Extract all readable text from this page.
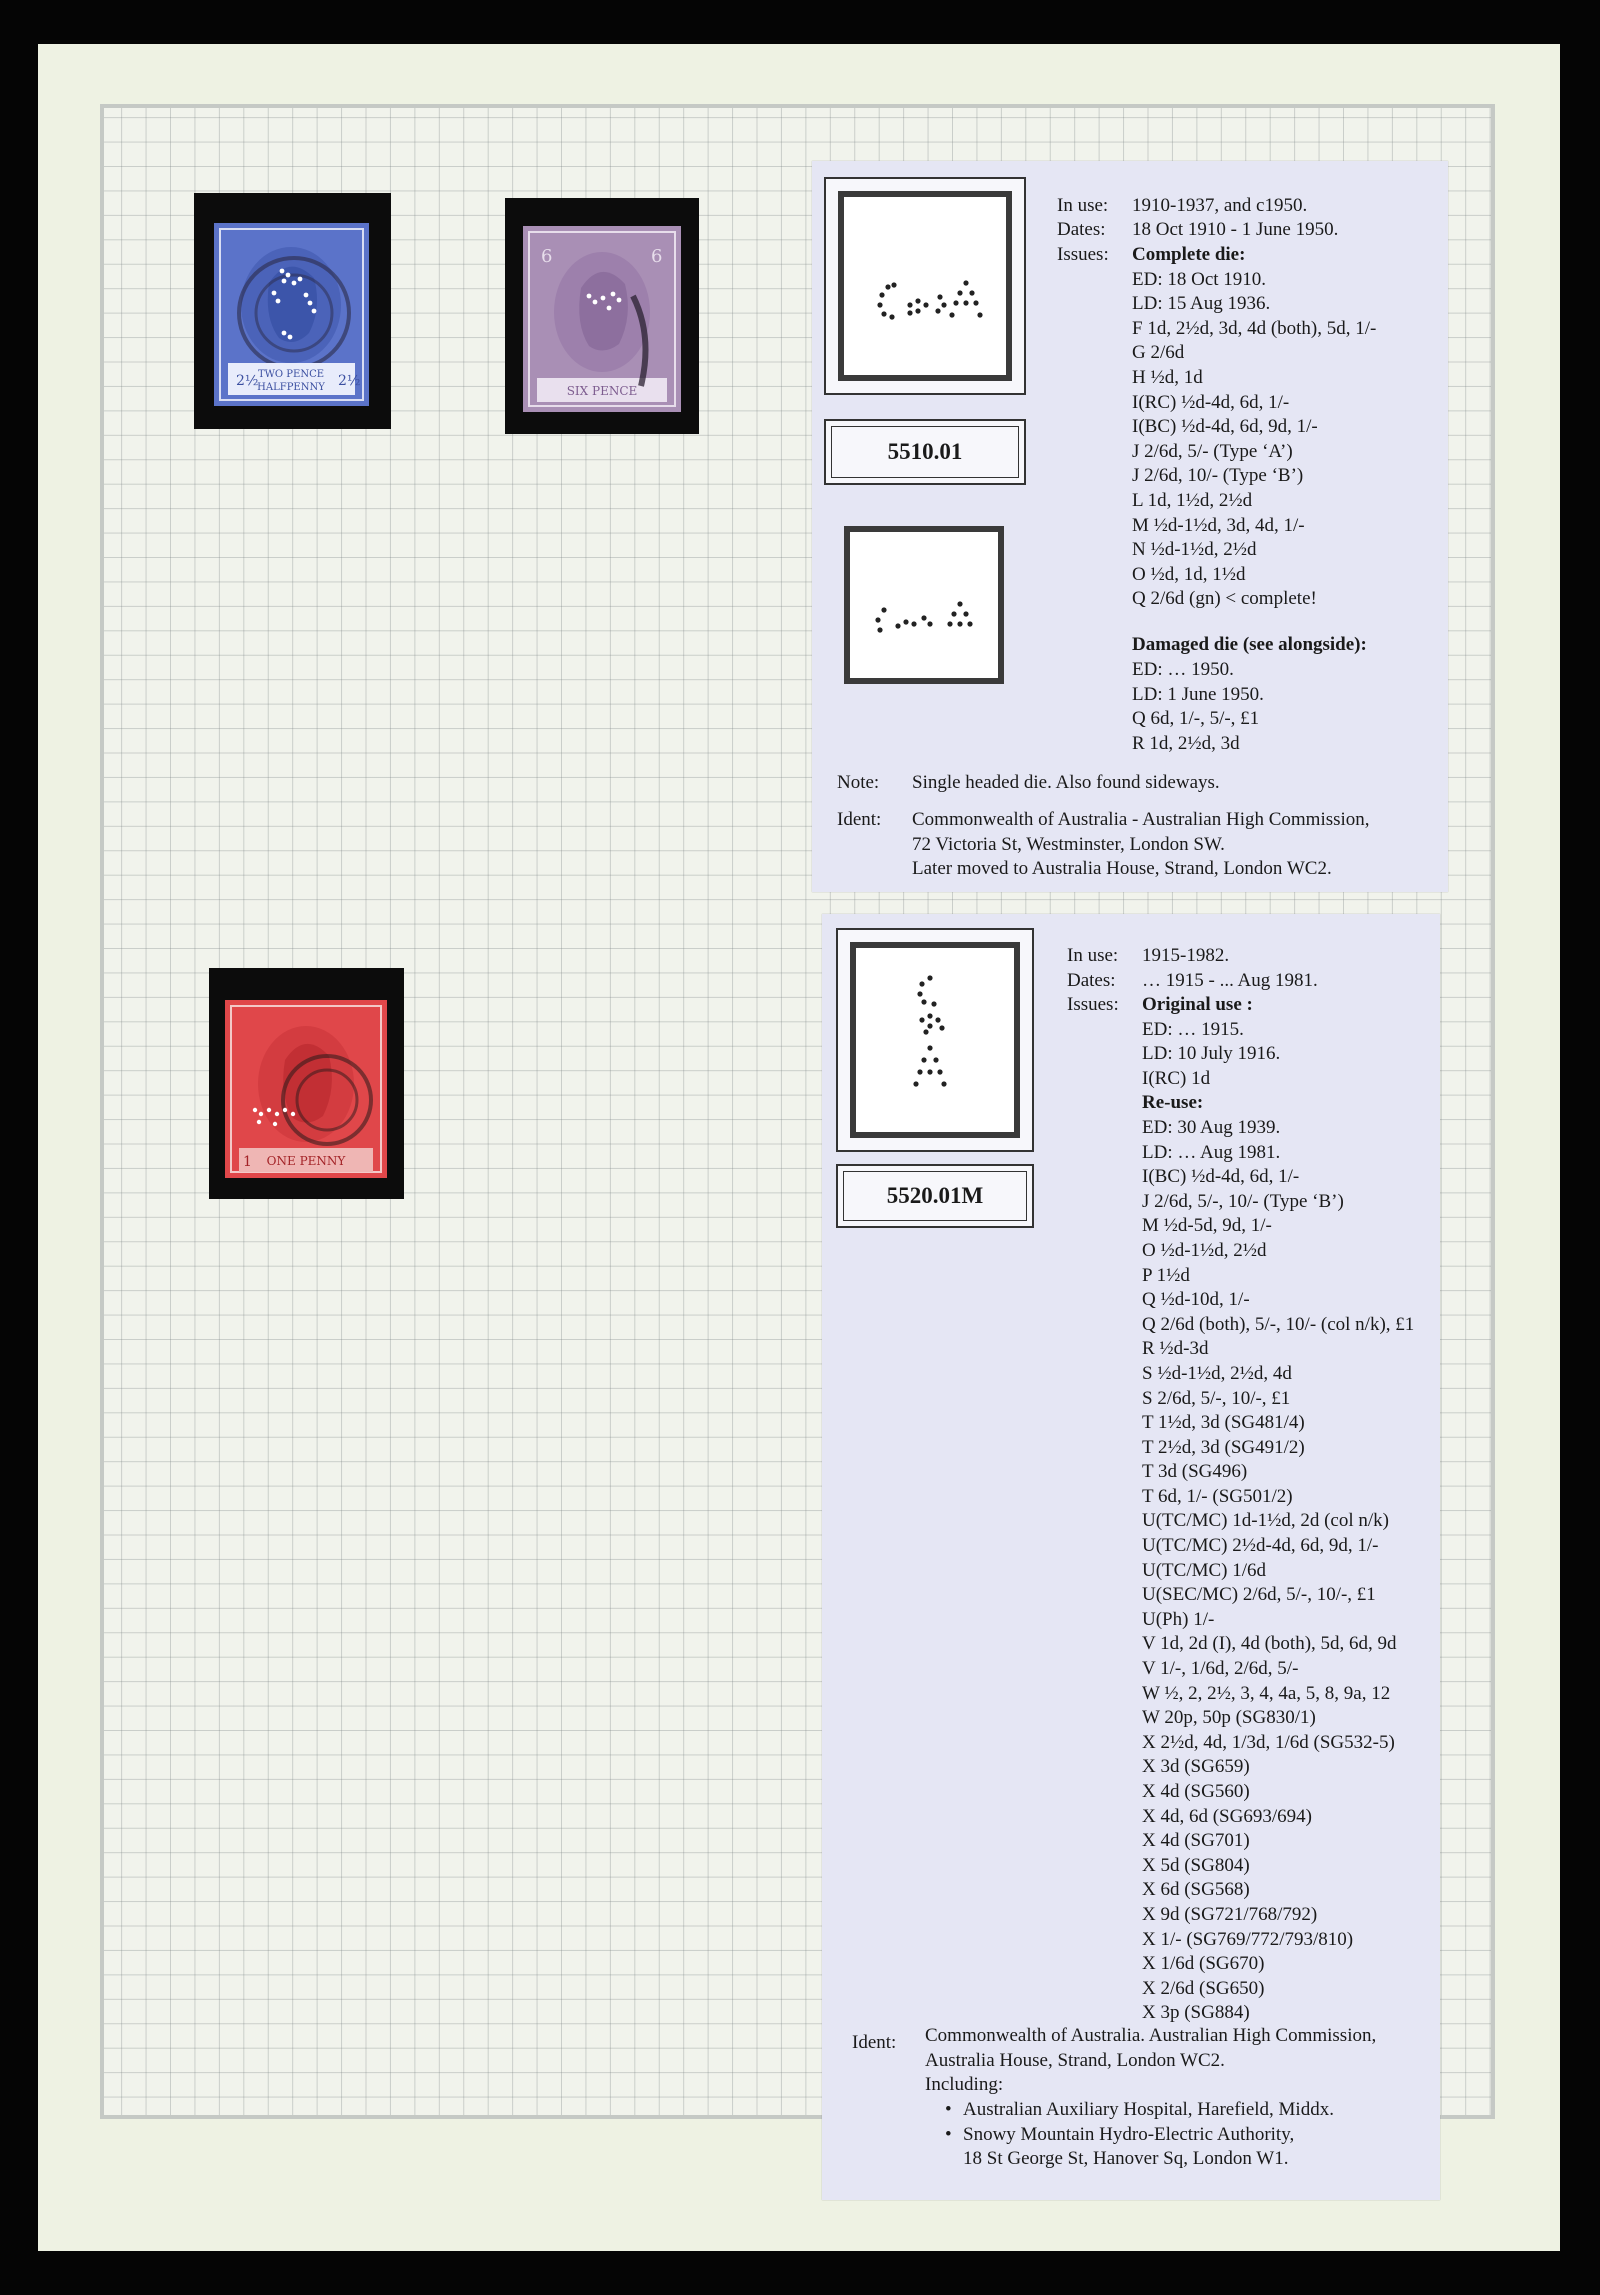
TWO PENCE
HALFPENNY
2½	2½
6	6
SIX PENCE
ONE PENNY
1
5510.01
In use: 1910-1937, and c1950.
Dates: 18 Oct 1910 - 1 June 1950.
Issues: Complete die:
ED: 18 Oct 1910.
LD: 15 Aug 1936.
F 1d, 2½d, 3d, 4d (both), 5d, 1/-
G 2/6d
H ½d, 1d
I(RC) ½d-4d, 6d, 1/-
I(BC) ½d-4d, 6d, 9d, 1/-
J 2/6d, 5/- (Type ‘A’)
J 2/6d, 10/- (Type ‘B’)
L 1d, 1½d, 2½d
M ½d-1½d, 3d, 4d, 1/-
N ½d-1½d, 2½d
O ½d, 1d, 1½d
Q 2/6d (gn) < complete!
Damaged die (see alongside):
ED: … 1950.
LD: 1 June 1950.
Q 6d, 1/-, 5/-, £1
R 1d, 2½d, 3d
Note: Single headed die. Also found sideways.
Ident: Commonwealth of Australia - Australian High Commission,
72 Victoria St, Westminster, London SW.
Later moved to Australia House, Strand, London WC2.
5520.01M
In use: 1915-1982.
Dates: … 1915 - ... Aug 1981.
Issues: Original use :
ED: … 1915.
LD: 10 July 1916.
I(RC) 1d
Re-use:
ED: 30 Aug 1939.
LD: … Aug 1981.
I(BC) ½d-4d, 6d, 1/-
J 2/6d, 5/-, 10/- (Type ‘B’)
M ½d-5d, 9d, 1/-
O ½d-1½d, 2½d
P 1½d
Q ½d-10d, 1/-
Q 2/6d (both), 5/-, 10/- (col n/k), £1
R ½d-3d
S ½d-1½d, 2½d, 4d
S 2/6d, 5/-, 10/-, £1
T 1½d, 3d (SG481/4)
T 2½d, 3d (SG491/2)
T 3d (SG496)
T 6d, 1/- (SG501/2)
U(TC/MC) 1d-1½d, 2d (col n/k)
U(TC/MC) 2½d-4d, 6d, 9d, 1/-
U(TC/MC) 1/6d
U(SEC/MC) 2/6d, 5/-, 10/-, £1
U(Ph) 1/-
V 1d, 2d (I), 4d (both), 5d, 6d, 9d
V 1/-, 1/6d, 2/6d, 5/-
W ½, 2, 2½, 3, 4, 4a, 5, 8, 9a, 12
W 20p, 50p (SG830/1)
X 2½d, 4d, 1/3d, 1/6d (SG532-5)
X 3d (SG659)
X 4d (SG560)
X 4d, 6d (SG693/694)
X 4d (SG701)
X 5d (SG804)
X 6d (SG568)
X 9d (SG721/768/792)
X 1/- (SG769/772/793/810)
X 1/6d (SG670)
X 2/6d (SG650)
X 3p (SG884)
Ident: Commonwealth of Australia. Australian High Commission,
Australia House, Strand, London WC2.
Including:
• Australian Auxiliary Hospital, Harefield, Middx.
• Snowy Mountain Hydro-Electric Authority,
18 St George St, Hanover Sq, London W1.
